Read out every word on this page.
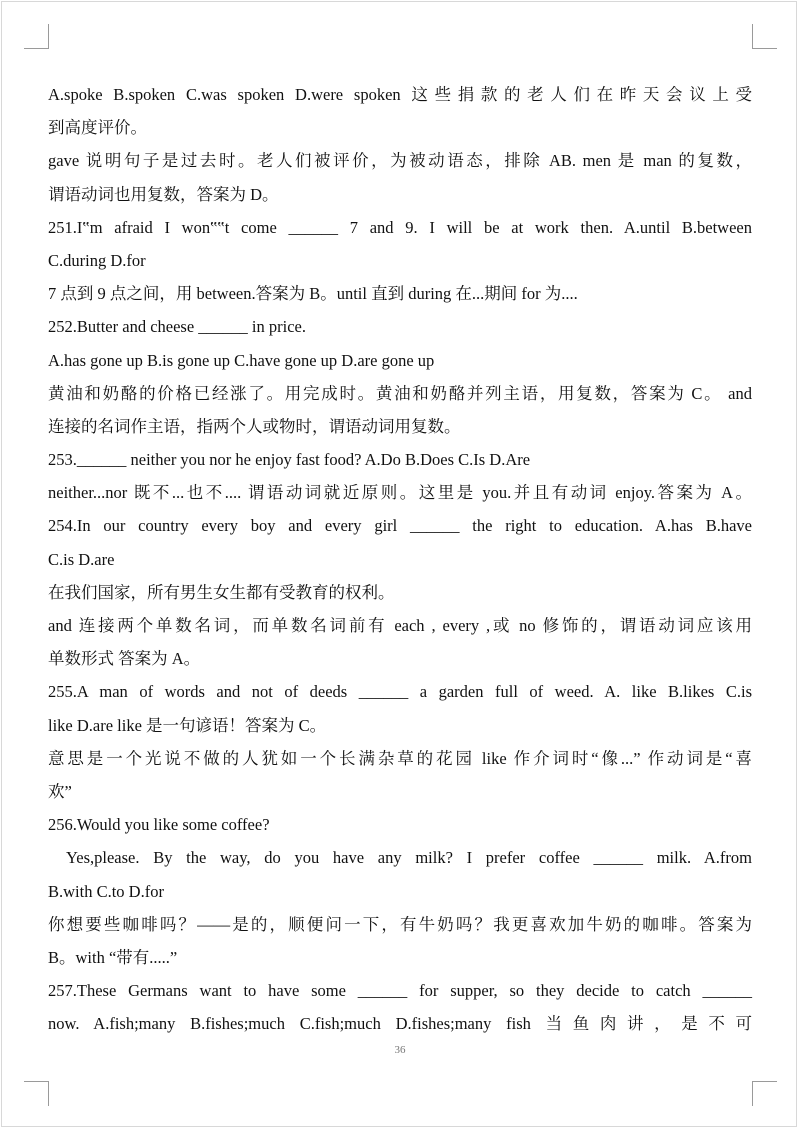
A.spoke B.spoken C.was spoken D.were spoken 这些捐款的老人们在昨天会议上受
到高度评价。
gave 说明句子是过去时。老人们被评价，为被动语态，排除 AB. men 是 man 的复数，
谓语动词也用复数，答案为 D。
251.I‟m afraid I won‟‟t come ______ 7 and 9. I will be at work then. A.until B.between
C.during D.for
7 点到 9 点之间，用 between.答案为 B。until 直到 during 在...期间 for 为....
252.Butter and cheese ______ in price.
A.has gone up B.is gone up C.have gone up D.are gone up
黄油和奶酪的价格已经涨了。用完成时。黄油和奶酪并列主语，用复数，答案为 C。 and
连接的名词作主语，指两个人或物时，谓语动词用复数。
253.______ neither you nor he enjoy fast food? A.Do B.Does C.Is D.Are
neither...nor 既不...也不.... 谓语动词就近原则。这里是 you.并且有动词 enjoy.答案为 A。
254.In our country every boy and every girl ______ the right to education. A.has B.have
C.is D.are
在我们国家，所有男生女生都有受教育的权利。
and 连接两个单数名词，而单数名词前有 each , every ,或 no 修饰的，谓语动词应该用
单数形式 答案为 A。
255.A man of words and not of deeds ______ a garden full of weed. A. like B.likes C.is
like D.are like 是一句谚语！答案为 C。
意思是一个光说不做的人犹如一个长满杂草的花园 like 作介词时“像...” 作动词是“喜
欢”
256.Would you like some coffee?
Yes,please. By the way, do you have any milk? I prefer coffee ______ milk. A.from
B.with C.to D.for
你想要些咖啡吗？——是的，顺便问一下，有牛奶吗？我更喜欢加牛奶的咖啡。答案为
B。with “带有.....”
257.These Germans want to have some ______ for supper, so they decide to catch ______
now. A.fish;many B.fishes;much C.fish;much D.fishes;many fish 当鱼肉讲，是不可
36
